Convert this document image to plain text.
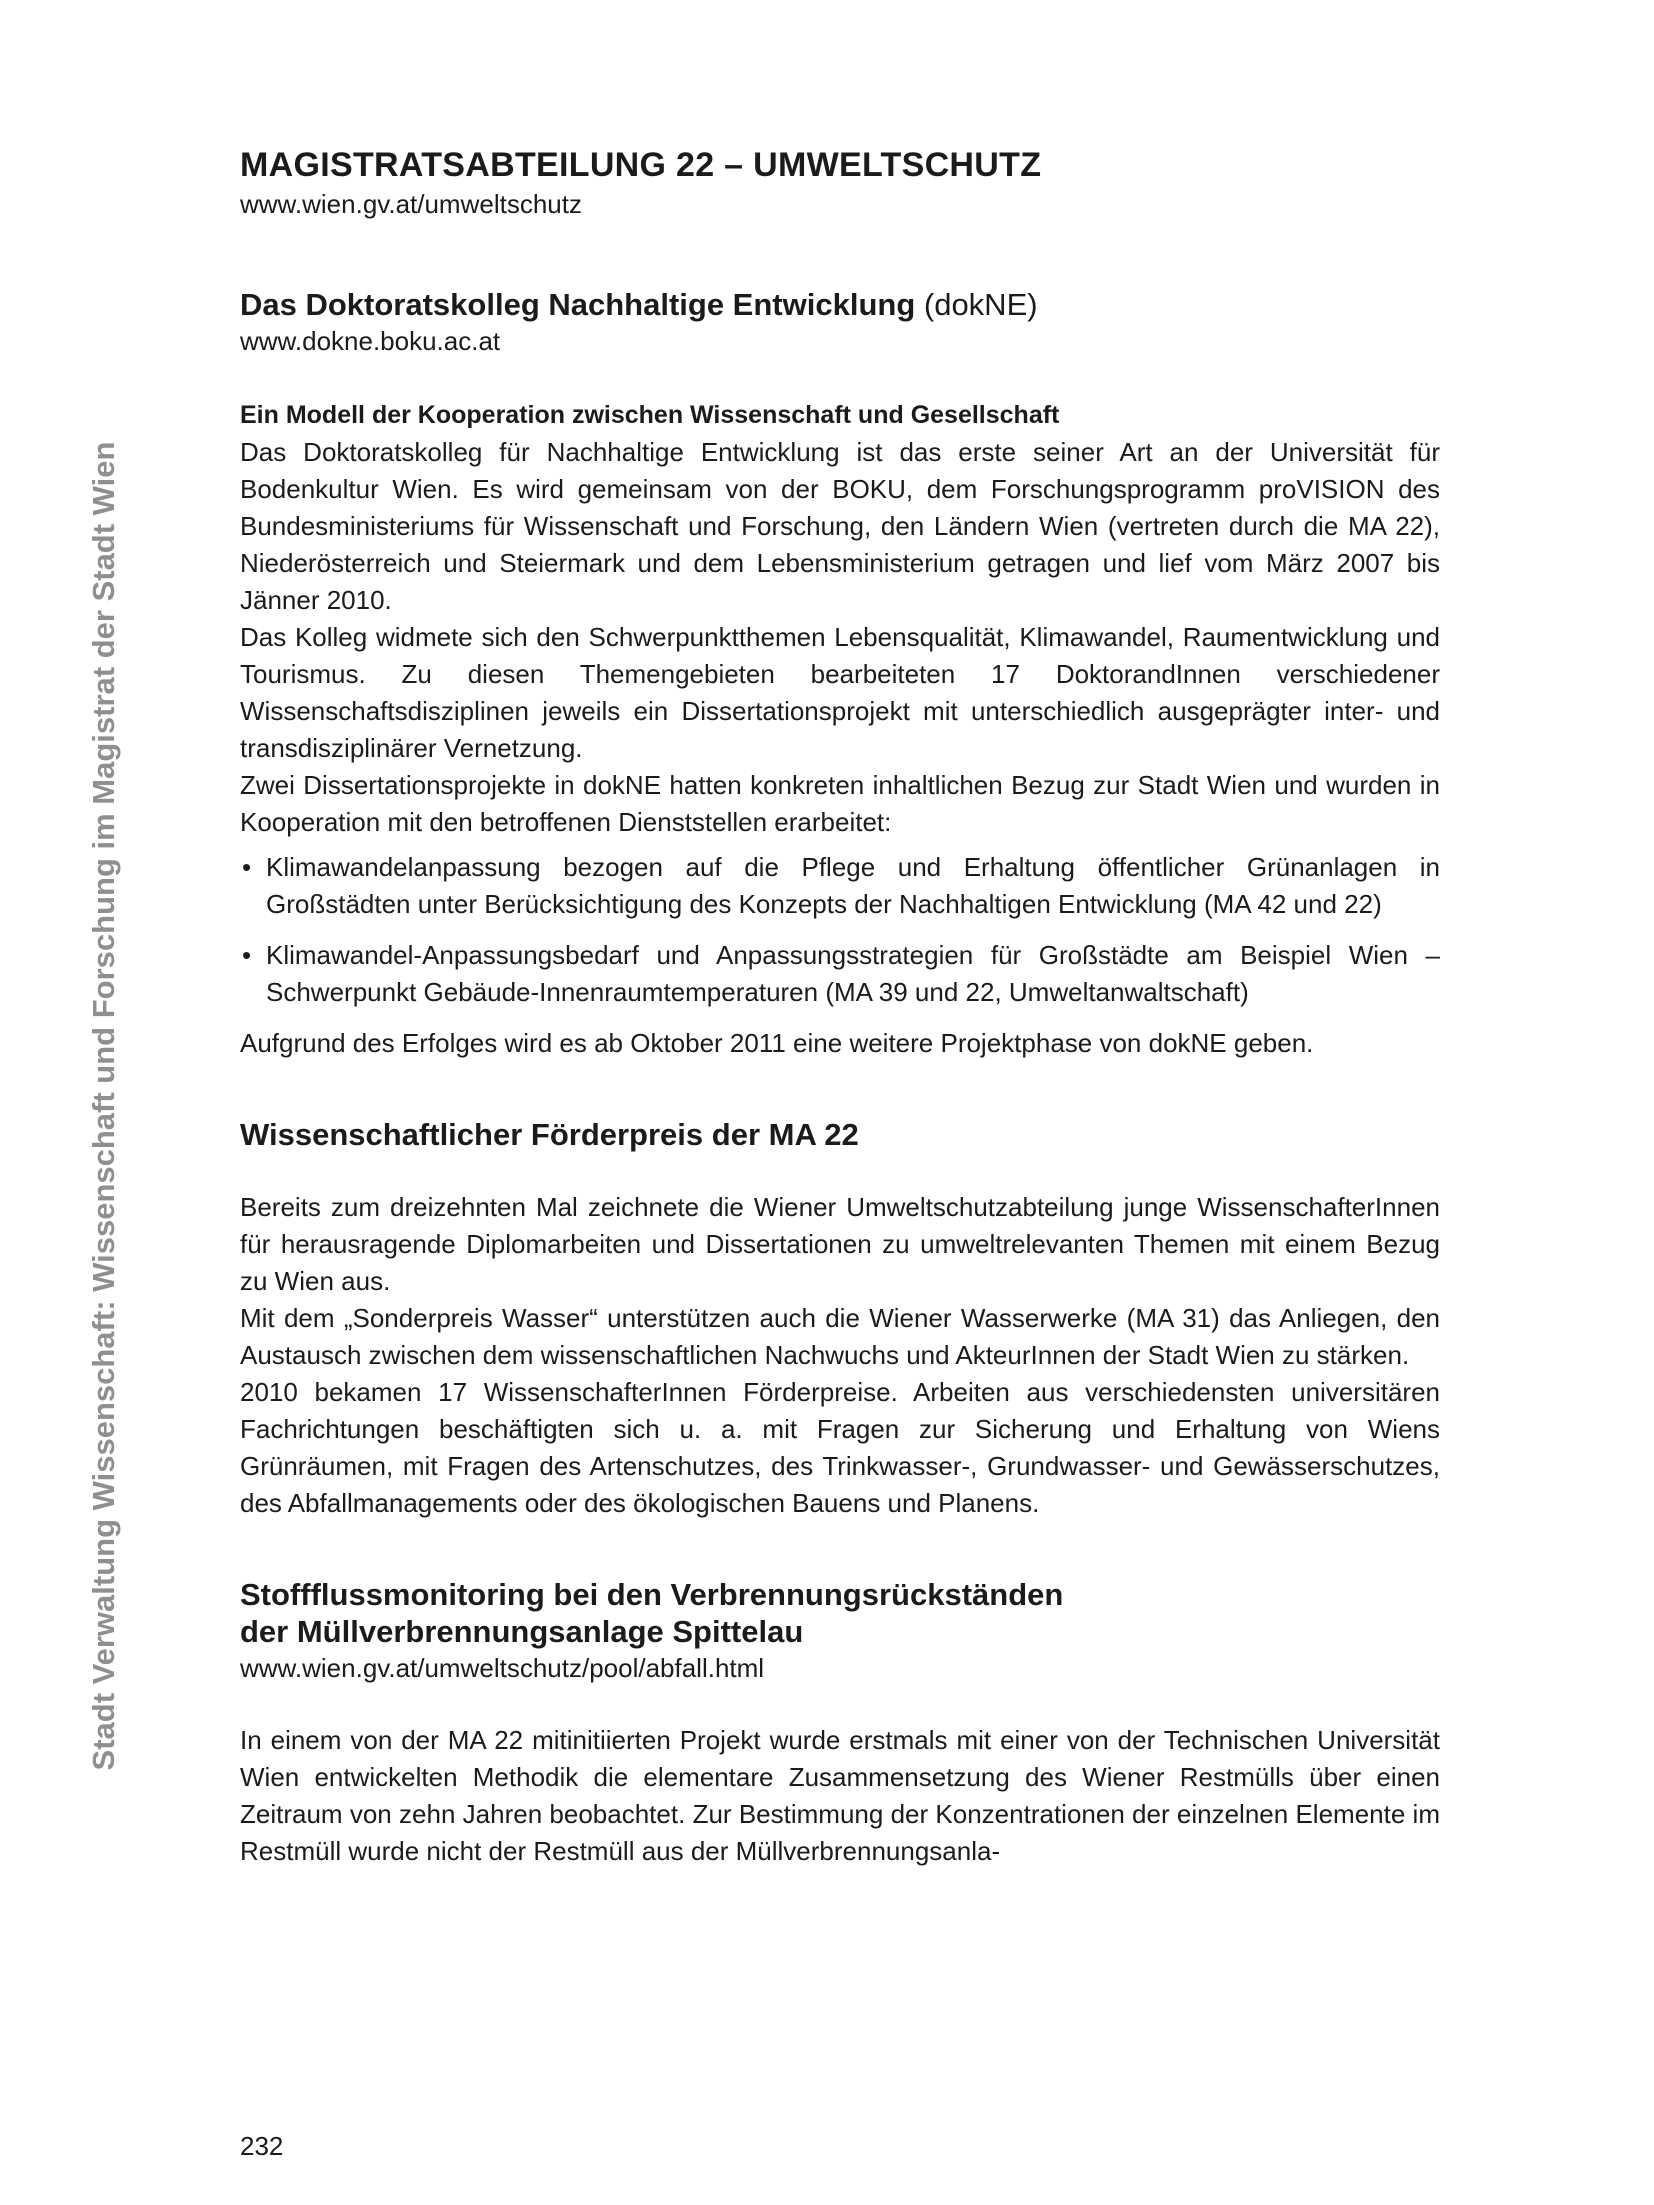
Stadt Verwaltung Wissenschaft: Wissenschaft und Forschung im Magistrat der Stadt Wien
MAGISTRATSABTEILUNG 22 – UMWELTSCHUTZ

www.wien.gv.at/umweltschutz

Das Doktoratskolleg Nachhaltige Entwicklung (dokNE)

www.dokne.boku.ac.at

Ein Modell der Kooperation zwischen Wissenschaft und Gesellschaft

Das Doktoratskolleg für Nachhaltige Entwicklung ist das erste seiner Art an der Universität für Bodenkultur Wien. Es wird gemeinsam von der BOKU, dem Forschungsprogramm proVISION des Bundesministeriums für Wissenschaft und Forschung, den Ländern Wien (vertreten durch die MA 22), Niederösterreich und Steiermark und dem Lebensministerium getragen und lief vom März 2007 bis Jänner 2010.

Das Kolleg widmete sich den Schwerpunktthemen Lebensqualität, Klimawandel, Raumentwicklung und Tourismus. Zu diesen Themengebieten bearbeiteten 17 DoktorandInnen verschiedener Wissenschaftsdisziplinen jeweils ein Dissertationsprojekt mit unterschiedlich ausgeprägter inter- und transdisziplinärer Vernetzung.

Zwei Dissertationsprojekte in dokNE hatten konkreten inhaltlichen Bezug zur Stadt Wien und wurden in Kooperation mit den betroffenen Dienststellen erarbeitet:

• Klimawandelanpassung bezogen auf die Pflege und Erhaltung öffentlicher Grünanlagen in Großstädten unter Berücksichtigung des Konzepts der Nachhaltigen Entwicklung (MA 42 und 22)
• Klimawandel-Anpassungsbedarf und Anpassungsstrategien für Großstädte am Beispiel Wien – Schwerpunkt Gebäude-Innenraumtemperaturen (MA 39 und 22, Umweltanwaltschaft)

Aufgrund des Erfolges wird es ab Oktober 2011 eine weitere Projektphase von dokNE geben.

Wissenschaftlicher Förderpreis der MA 22

Bereits zum dreizehnten Mal zeichnete die Wiener Umweltschutzabteilung junge WissenschafterInnen für herausragende Diplomarbeiten und Dissertationen zu umweltrelevanten Themen mit einem Bezug zu Wien aus.

Mit dem „Sonderpreis Wasser“ unterstützen auch die Wiener Wasserwerke (MA 31) das Anliegen, den Austausch zwischen dem wissenschaftlichen Nachwuchs und AkteurInnen der Stadt Wien zu stärken.

2010 bekamen 17 WissenschafterInnen Förderpreise. Arbeiten aus verschiedensten universitären Fachrichtungen beschäftigten sich u. a. mit Fragen zur Sicherung und Erhaltung von Wiens Grünräumen, mit Fragen des Artenschutzes, des Trinkwasser-, Grundwasser- und Gewässerschutzes, des Abfallmanagements oder des ökologischen Bauens und Planens.

Stoffflussmonitoring bei den Verbrennungsrückständen
der Müllverbrennungsanlage Spittelau

www.wien.gv.at/umweltschutz/pool/abfall.html

In einem von der MA 22 mitinitiierten Projekt wurde erstmals mit einer von der Technischen Universität Wien entwickelten Methodik die elementare Zusammensetzung des Wiener Restmülls über einen Zeitraum von zehn Jahren beobachtet. Zur Bestimmung der Konzentrationen der einzelnen Elemente im Restmüll wurde nicht der Restmüll aus der Müllverbrennungsanla-

232
